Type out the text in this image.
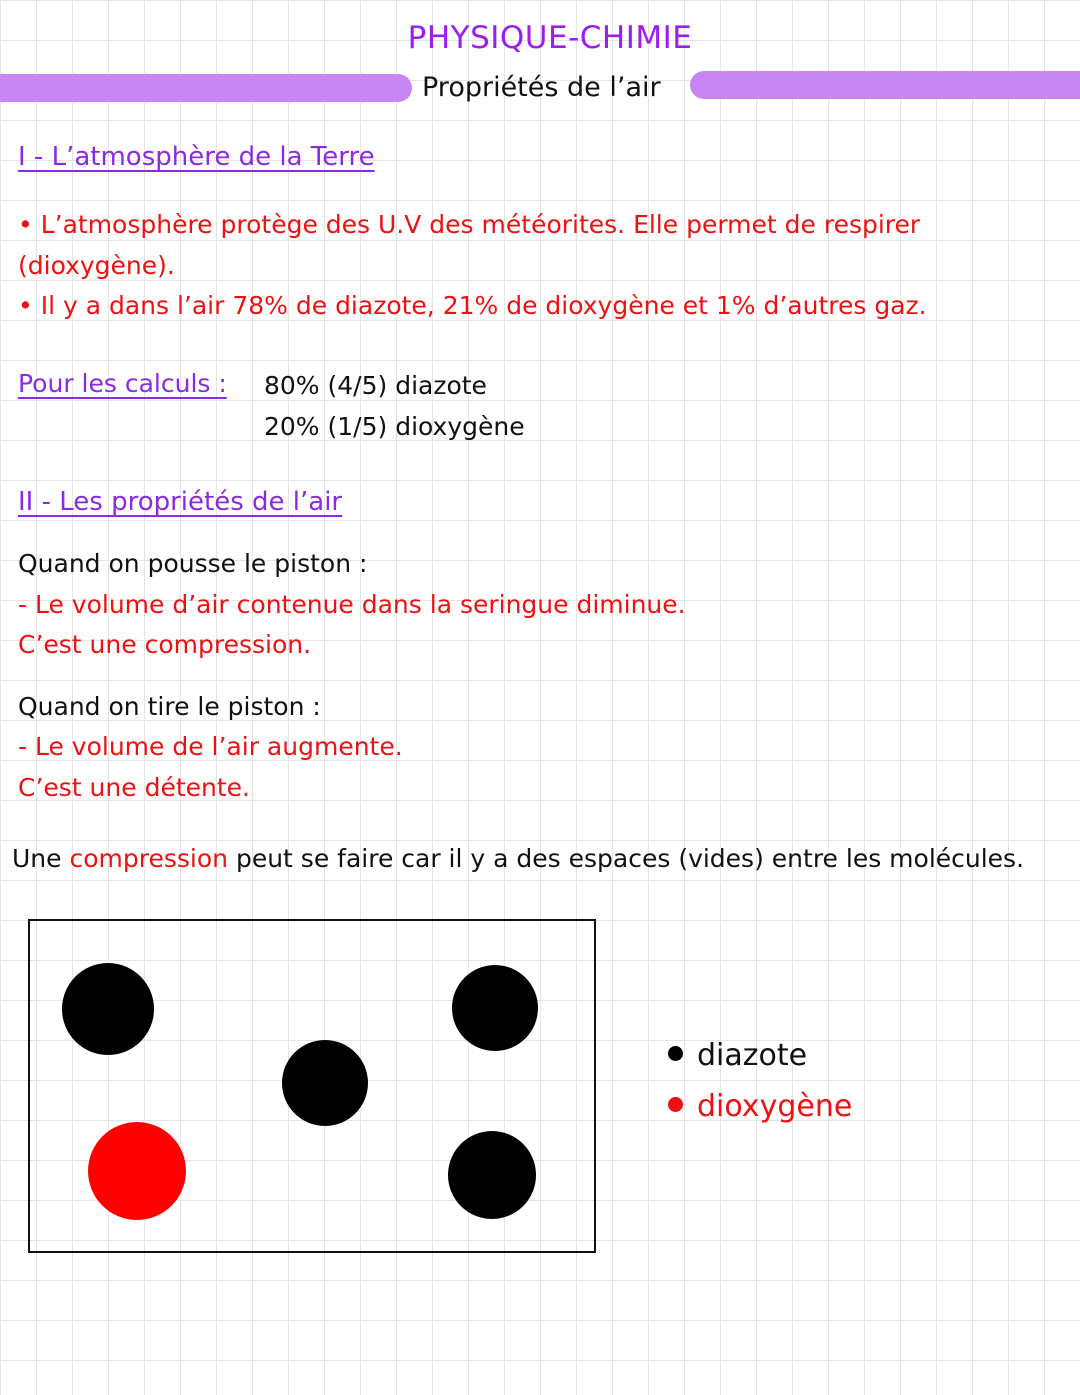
PHYSIQUE-CHIMIE
Propriétés de l’air
I - L’atmosphère de la Terre
• L’atmosphère protège des U.V des météorites. Elle permet de respirer
(dioxygène).
• Il y a dans l’air 78% de diazote, 21% de dioxygène et 1% d’autres gaz.
Pour les calculs : 80% (4/5) diazote
20% (1/5) dioxygène
II - Les propriétés de l’air
Quand on pousse le piston :
- Le volume d’air contenue dans la seringue diminue.
C’est une compression.
Quand on tire le piston :
- Le volume de l’air augmente.
C’est une détente.
Une compression peut se faire car il y a des espaces (vides) entre les molécules.
diazote
dioxygène
